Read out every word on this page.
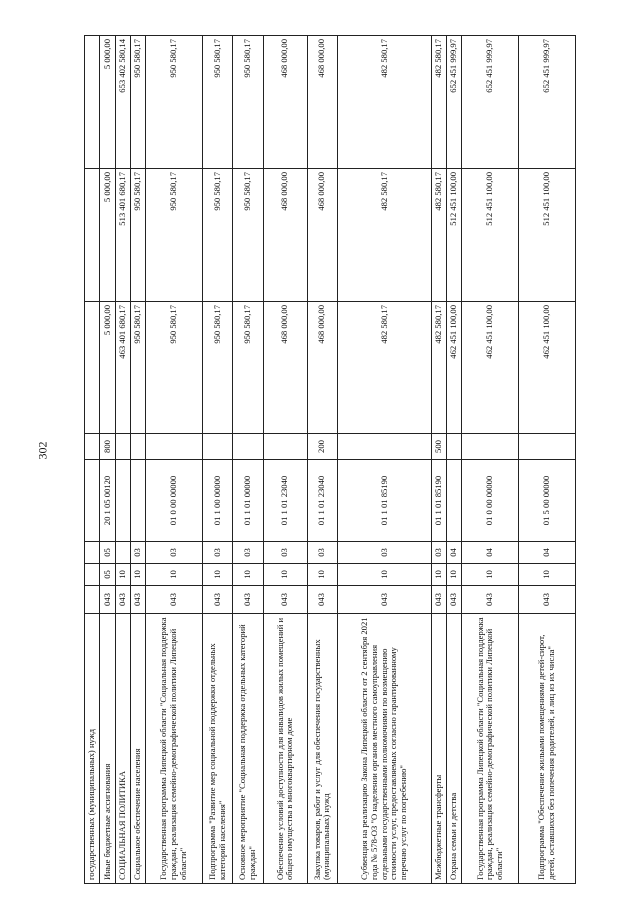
302
государственных (муниципальных) нужд								
Иные бюджетные ассигнования	043	05	05	20 1 05 00120	800	5 000,00	5 000,00	5 000,00
СОЦИАЛЬНАЯ ПОЛИТИКА	043	10				463 401 680,17	513 401 680,17	653 402 580,14
Социальное обеспечение населения	043	10	03			950 580,17	950 580,17	950 580,17
Государственная программа Липецкой области "Социальная поддержка граждан, реализация семейно-демографической политики Липецкой области"	043	10	03	01 0 00 00000		950 580,17	950 580,17	950 580,17
Подпрограмма "Развитие мер социальной поддержки отдельных категорий населения"	043	10	03	01 1 00 00000		950 580,17	950 580,17	950 580,17
Основное мероприятие "Социальная поддержка отдельных категорий граждан"	043	10	03	01 1 01 00000		950 580,17	950 580,17	950 580,17
Обеспечение условий доступности для инвалидов жилых помещений и общего имущества в многоквартирном доме	043	10	03	01 1 01 23040		468 000,00	468 000,00	468 000,00
Закупка товаров, работ и услуг для обеспечения государственных (муниципальных) нужд	043	10	03	01 1 01 23040	200	468 000,00	468 000,00	468 000,00
Субвенция на реализацию Закона Липецкой области от 2 сентября 2021 года № 578-ОЗ "О наделении органов местного самоуправления отдельными государственными полномочиями по возмещению стоимости услуг, предоставляемых согласно гарантированному перечню услуг по погребению"	043	10	03	01 1 01 85190		482 580,17	482 580,17	482 580,17
Межбюджетные трансферты	043	10	03	01 1 01 85190	500	482 580,17	482 580,17	482 580,17
Охрана семьи и детства	043	10	04			462 451 100,00	512 451 100,00	652 451 999,97
Государственная программа Липецкой области "Социальная поддержка граждан, реализация семейно-демографической политики Липецкой области"	043	10	04	01 0 00 00000		462 451 100,00	512 451 100,00	652 451 999,97
Подпрограмма "Обеспечение жильыми помещениями детей-сирот, детей, оставшихся без попечения родителей, и лиц из их числа"	043	10	04	01 5 00 00000		462 451 100,00	512 451 100,00	652 451 999,97
